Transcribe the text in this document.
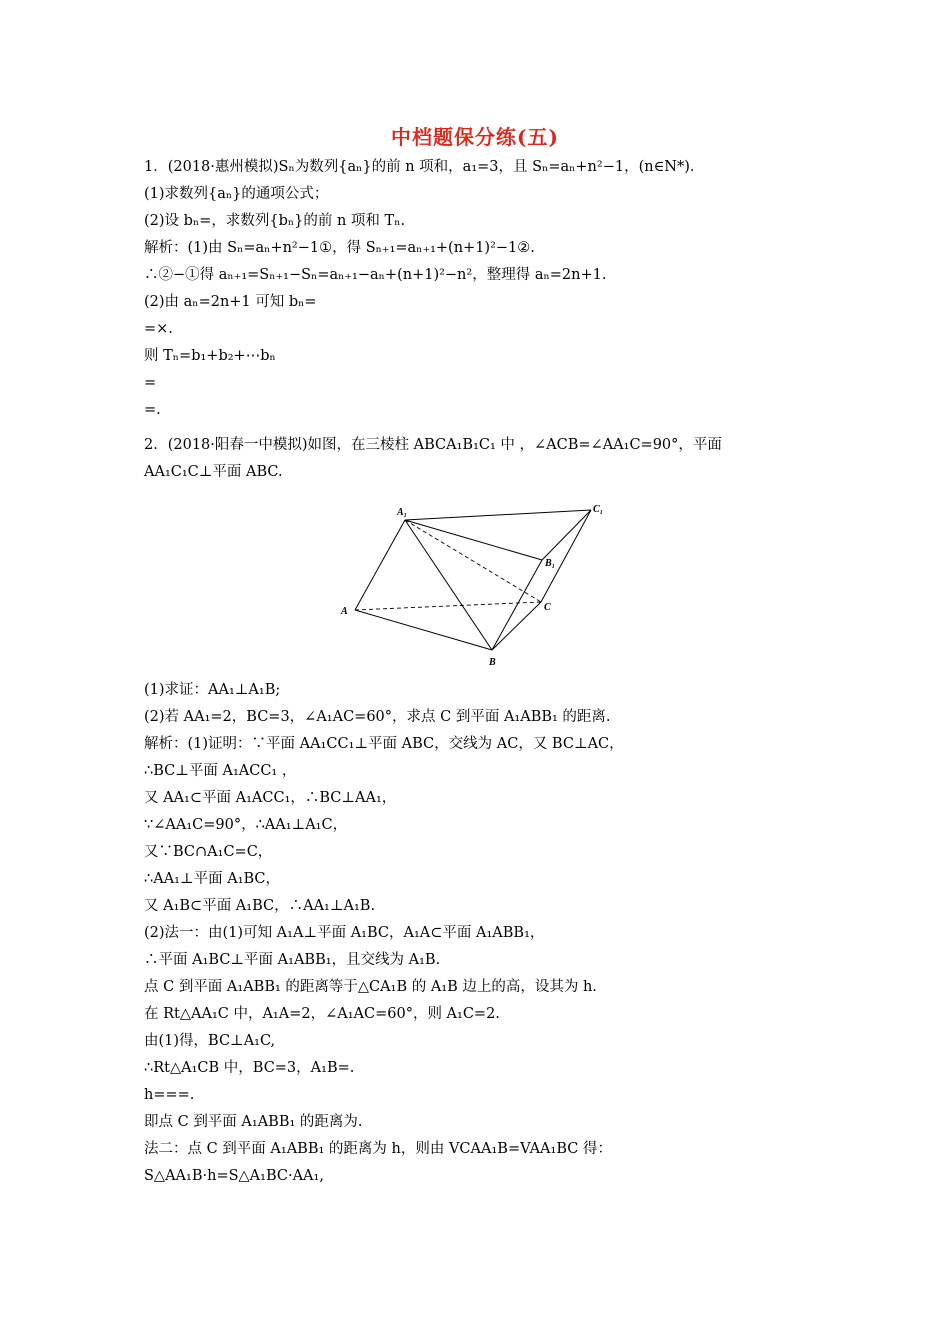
中档题保分练(五)
1．(2018·惠州模拟)Sₙ为数列{aₙ}的前 n 项和，a₁=3，且 Sₙ=aₙ+n²−1，(n∈N*)．
(1)求数列{aₙ}的通项公式；
(2)设 bₙ=，求数列{bₙ}的前 n 项和 Tₙ.
解析：(1)由 Sₙ=aₙ+n²−1①，得 Sₙ₊₁=aₙ₊₁+(n+1)²−1②.
∴②−①得 aₙ₊₁=Sₙ₊₁−Sₙ=aₙ₊₁−aₙ+(n+1)²−n²，整理得 aₙ=2n+1.
(2)由 aₙ=2n+1 可知 bₙ=
=×.
则 Tₙ=b₁+b₂+⋯bₙ
=
=.
2．(2018·阳春一中模拟)如图，在三棱柱 ABCA₁B₁C₁ 中 ，∠ACB=∠AA₁C=90°，平面
AA₁C₁C⊥平面 ABC.
A₁	C₁
B₁
A	C
B
(1)求证：AA₁⊥A₁B;
(2)若 AA₁=2，BC=3，∠A₁AC=60°，求点 C 到平面 A₁ABB₁ 的距离.
解析：(1)证明：∵平面 AA₁CC₁⊥平面 ABC，交线为 AC，又 BC⊥AC，
∴BC⊥平面 A₁ACC₁ ，
又 AA₁⊂平面 A₁ACC₁，∴BC⊥AA₁，
∵∠AA₁C=90°，∴AA₁⊥A₁C，
又∵BC∩A₁C=C，
∴AA₁⊥平面 A₁BC，
又 A₁B⊂平面 A₁BC，∴AA₁⊥A₁B.
(2)法一：由(1)可知 A₁A⊥平面 A₁BC，A₁A⊂平面 A₁ABB₁，
∴平面 A₁BC⊥平面 A₁ABB₁，且交线为 A₁B.
点 C 到平面 A₁ABB₁ 的距离等于△CA₁B 的 A₁B 边上的高，设其为 h.
在 Rt△AA₁C 中，A₁A=2，∠A₁AC=60°，则 A₁C=2.
由(1)得，BC⊥A₁C,
∴Rt△A₁CB 中，BC=3，A₁B=.
h===.
即点 C 到平面 A₁ABB₁ 的距离为.
法二：点 C 到平面 A₁ABB₁ 的距离为 h，则由 VCAA₁B=VAA₁BC 得：
S△AA₁B·h=S△A₁BC·AA₁,
